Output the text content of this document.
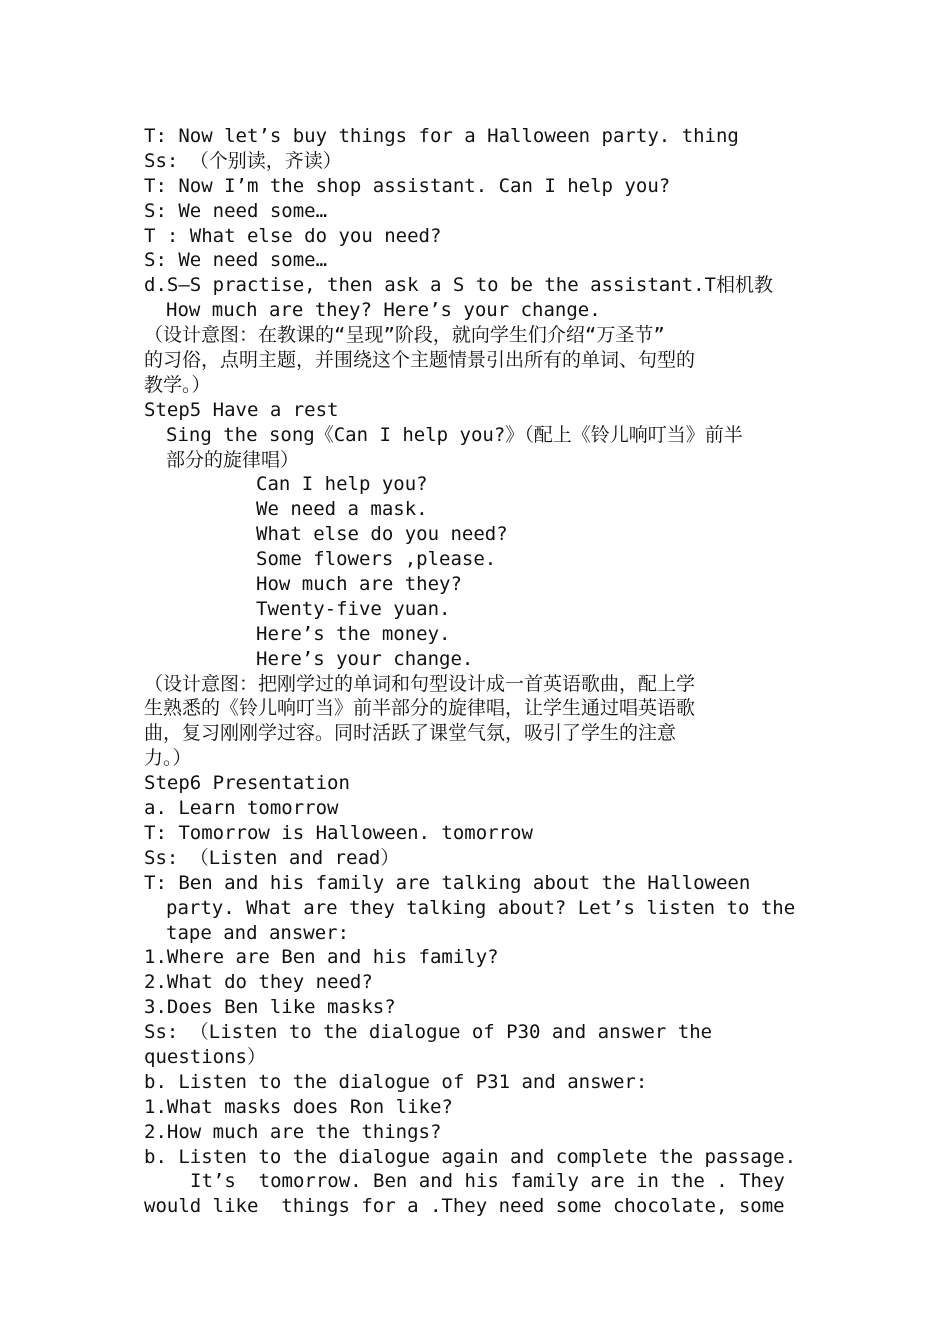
T: Now let’s buy things for a Halloween party. thing
Ss: （个别读，齐读）
T: Now I’m the shop assistant. Can I help you?
S: We need some…
T : What else do you need?
S: We need some…
d.S—S practise, then ask a S to be the assistant.T相机教
How much are they? Here’s your change.
（设计意图：在教课的“呈现”阶段，就向学生们介绍“万圣节”
的习俗，点明主题，并围绕这个主题情景引出所有的单词、句型的
教学。）
Step5 Have a rest
Sing the song《Can I help you?》（配上《铃儿响叮当》前半
部分的旋律唱）
Can I help you?
We need a mask.
What else do you need?
Some flowers ,please.
How much are they?
Twenty-five yuan.
Here’s the money.
Here’s your change.
（设计意图：把刚学过的单词和句型设计成一首英语歌曲，配上学
生熟悉的《铃儿响叮当》前半部分的旋律唱，让学生通过唱英语歌
曲，复习刚刚学过容。同时活跃了课堂气氛，吸引了学生的注意
力。）
Step6 Presentation
a. Learn tomorrow
T: Tomorrow is Halloween. tomorrow
Ss: （Listen and read）
T: Ben and his family are talking about the Halloween
party. What are they talking about? Let’s listen to the
tape and answer:
1.Where are Ben and his family?
2.What do they need?
3.Does Ben like masks?
Ss: （Listen to the dialogue of P30 and answer the
questions）
b. Listen to the dialogue of P31 and answer:
1.What masks does Ron like?
2.How much are the things?
b. Listen to the dialogue again and complete the passage.
It’s  tomorrow. Ben and his family are in the . They
would like  things for a .They need some chocolate, some
